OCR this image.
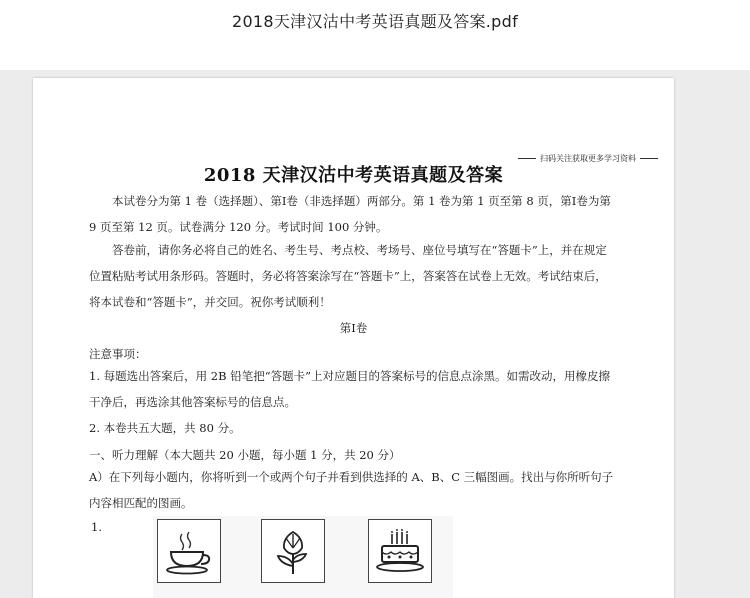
2018天津汉沽中考英语真题及答案.pdf
扫码关注获取更多学习资料
2018 天津汉沽中考英语真题及答案
本试卷分为第 1 卷（选择题）、第Ⅰ卷（非选择题）两部分。第 1 卷为第 1 页至第 8 页，第Ⅰ卷为第 9 页至第 12 页。试卷满分 120 分。考试时间 100 分钟。
答卷前，请你务必将自己的姓名、考生号、考点校、考场号、座位号填写在“答题卡”上，并在规定位置粘贴考试用条形码。答题时，务必将答案涂写在“答题卡”上，答案答在试卷上无效。考试结束后，将本试卷和“答题卡”，并交回。祝你考试顺利！
第Ⅰ卷
注意事项：
1. 每题选出答案后，用 2B 铅笔把“答题卡”上对应题目的答案标号的信息点涂黑。如需改动，用橡皮擦干净后，再选涂其他答案标号的信息点。
2. 本卷共五大题，共 80 分。
一、听力理解（本大题共 20 小题，每小题 1 分，共 20 分）
A）在下列每小题内，你将听到一个或两个句子并看到供选择的 A、B、C 三幅图画。找出与你所听句子内容相匹配的图画。
1.
